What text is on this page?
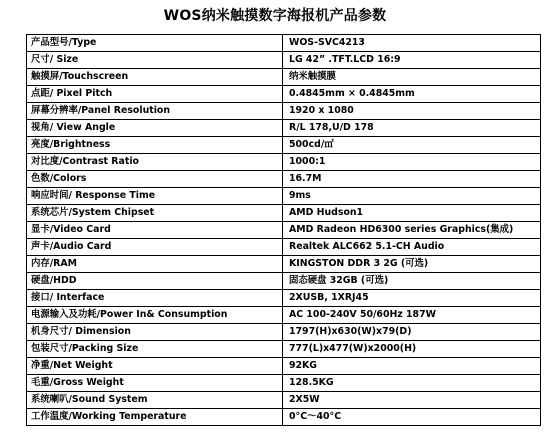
WOS纳米触摸数字海报机产品参数
产品型号/Type	WOS-SVC4213
尺寸/ Size	LG 42” .TFT.LCD 16:9
触摸屏/Touchscreen	纳米触摸膜
点距/ Pixel Pitch	0.4845mm × 0.4845mm
屏幕分辨率/Panel Resolution	1920 x 1080
视角/ View Angle	R/L 178,U/D 178
亮度/Brightness	500cd/㎡
对比度/Contrast Ratio	1000:1
色数/Colors	16.7M
响应时间/ Response Time	9ms
系统芯片/System Chipset	AMD Hudson1
显卡/Video Card	AMD Radeon HD6300 series Graphics(集成)
声卡/Audio Card	Realtek ALC662 5.1-CH Audio
内存/RAM	KINGSTON DDR 3 2G (可选)
硬盘/HDD	固态硬盘 32GB (可选)
接口/ Interface	2XUSB, 1XRJ45
电源输入及功耗/Power In& Consumption	AC 100-240V 50/60Hz 187W
机身尺寸/ Dimension	1797(H)x630(W)x79(D)
包装尺寸/Packing Size	777(L)x477(W)x2000(H)
净重/Net Weight	92KG
毛重/Gross Weight	128.5KG
系统喇叭/Sound System	2X5W
工作温度/Working Temperature	0°C～40°C
